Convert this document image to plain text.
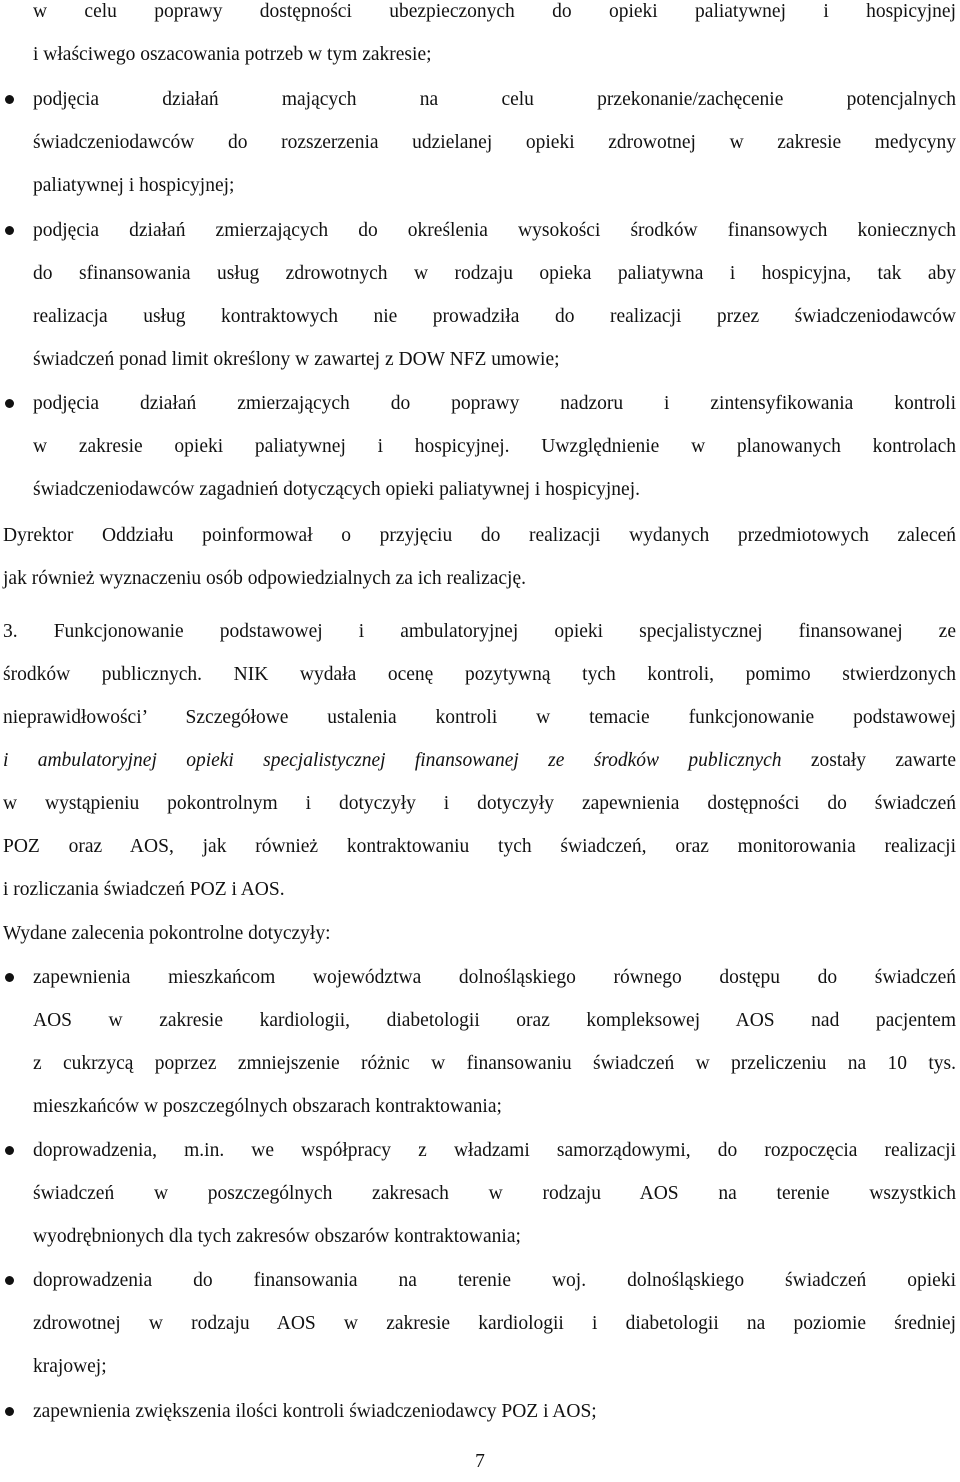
w celu poprawy dostępności ubezpieczonych do opieki paliatywnej i hospicyjnej
i właściwego oszacowania potrzeb w tym zakresie;
podjęcia działań mających na celu przekonanie/zachęcenie potencjalnych
świadczeniodawców do rozszerzenia udzielanej opieki zdrowotnej w zakresie medycyny
paliatywnej i hospicyjnej;
podjęcia działań zmierzających do określenia wysokości środków finansowych koniecznych
do sfinansowania usług zdrowotnych w rodzaju opieka paliatywna i hospicyjna, tak aby
realizacja usług kontraktowych nie prowadziła do realizacji przez świadczeniodawców
świadczeń ponad limit określony w zawartej z DOW NFZ umowie;
podjęcia działań zmierzających do poprawy nadzoru i zintensyfikowania kontroli
w zakresie opieki paliatywnej i hospicyjnej. Uwzględnienie w planowanych kontrolach
świadczeniodawców zagadnień dotyczących opieki paliatywnej i hospicyjnej.
Dyrektor Oddziału poinformował o przyjęciu do realizacji wydanych przedmiotowych zaleceń
jak również wyznaczeniu osób odpowiedzialnych za ich realizację.
3. Funkcjonowanie podstawowej i ambulatoryjnej opieki specjalistycznej finansowanej ze
środków publicznych. NIK wydała ocenę pozytywną tych kontroli, pomimo stwierdzonych
nieprawidłowości’ Szczegółowe ustalenia kontroli w temacie funkcjonowanie podstawowej
i ambulatoryjnej opieki specjalistycznej finansowanej ze środków publicznych zostały zawarte
w wystąpieniu pokontrolnym i dotyczyły i dotyczyły zapewnienia dostępności do świadczeń
POZ oraz AOS, jak również kontraktowaniu tych świadczeń, oraz monitorowania realizacji
i rozliczania świadczeń POZ i AOS.
Wydane zalecenia pokontrolne dotyczyły:
zapewnienia mieszkańcom województwa dolnośląskiego równego dostępu do świadczeń
AOS w zakresie kardiologii, diabetologii oraz kompleksowej AOS nad pacjentem
z cukrzycą poprzez zmniejszenie różnic w finansowaniu świadczeń w przeliczeniu na 10 tys.
mieszkańców w poszczególnych obszarach kontraktowania;
doprowadzenia, m.in. we współpracy z władzami samorządowymi, do rozpoczęcia realizacji
świadczeń w poszczególnych zakresach w rodzaju AOS na terenie wszystkich
wyodrębnionych dla tych zakresów obszarów kontraktowania;
doprowadzenia do finansowania na terenie woj. dolnośląskiego świadczeń opieki
zdrowotnej w rodzaju AOS w zakresie kardiologii i diabetologii na poziomie średniej
krajowej;
zapewnienia zwiększenia ilości kontroli świadczeniodawcy POZ i AOS;
7
